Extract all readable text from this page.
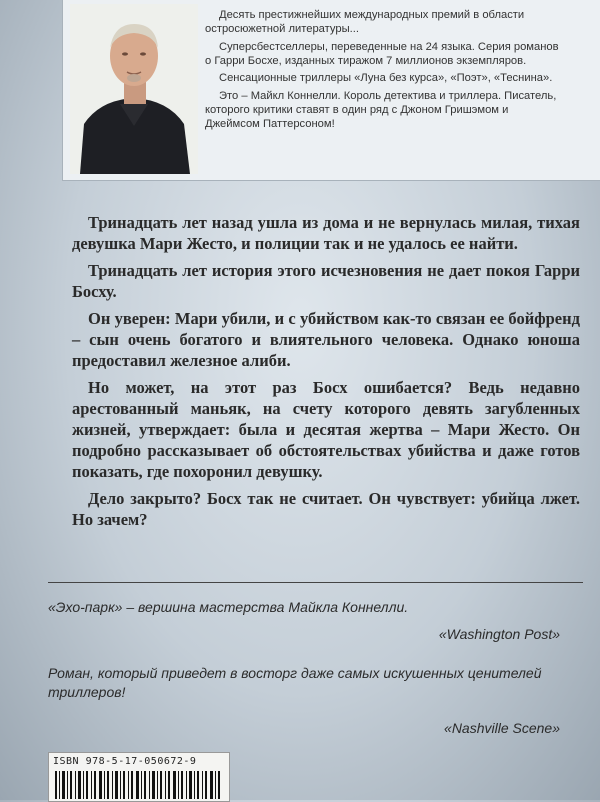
Десять престижнейших международных премий в области остросюжетной литературы...

Суперсбестселлеры, переведенные на 24 языка. Серия романов о Гарри Босхе, изданных тиражом 7 миллионов экземпляров.

Сенсационные триллеры «Луна без курса», «Поэт», «Теснина».

Это – Майкл Коннелли. Король детектива и триллера. Писатель, которого критики ставят в один ряд с Джоном Гришэмом и Джеймсом Паттерсоном!

Тринадцать лет назад ушла из дома и не вернулась милая, тихая девушка Мари Жесто, и полиции так и не удалось ее найти.

Тринадцать лет история этого исчезновения не дает покоя Гарри Босху.

Он уверен: Мари убили, и с убийством как-то связан ее бойфренд – сын очень богатого и влиятельного человека. Однако юноша предоставил железное алиби.

Но может, на этот раз Босх ошибается? Ведь недавно арестованный маньяк, на счету которого девять загубленных жизней, утверждает: была и десятая жертва – Мари Жесто. Он подробно рассказывает об обстоятельствах убийства и даже готов показать, где похоронил девушку.

Дело закрыто? Босх так не считает. Он чувствует: убийца лжет. Но зачем?

«Эхо-парк» – вершина мастерства Майкла Коннелли.
«Washington Post»
Роман, который приведет в восторг даже самых искушенных ценителей триллеров!
«Nashville Scene»
ISBN 978-5-17-050672-9
